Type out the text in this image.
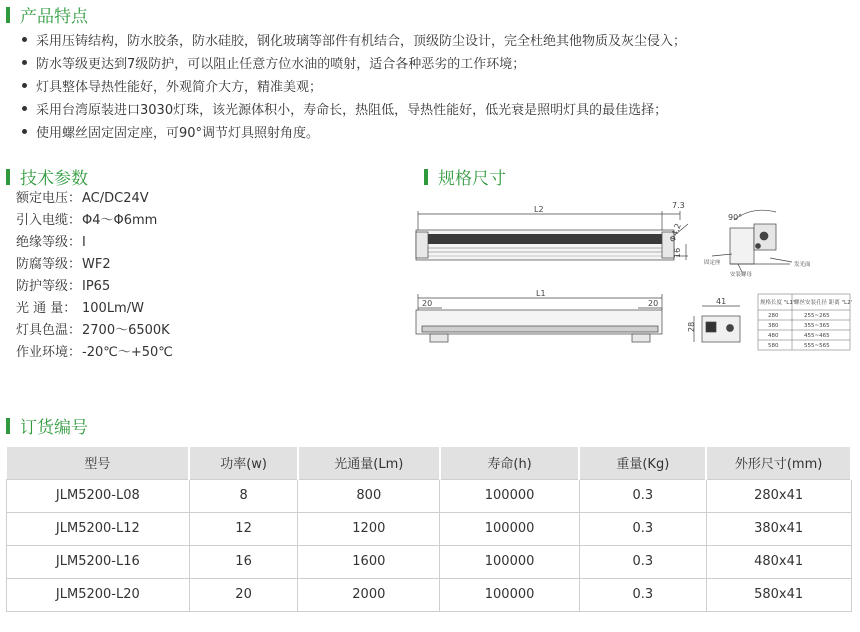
产品特点
采用压铸结构，防水胶条，防水硅胶，钢化玻璃等部件有机结合，顶级防尘设计，完全杜绝其他物质及灰尘侵入；
防水等级更达到7级防护，可以阻止任意方位水油的喷射，适合各种恶劣的工作环境；
灯具整体导热性能好，外观简介大方，精准美观；
采用台湾原装进口3030灯珠，该光源体积小，寿命长，热阻低，导热性能好，低光衰是照明灯具的最佳选择；
使用螺丝固定固定座，可90°调节灯具照射角度。
技术参数
额定电压： AC/DC24V
引入电缆： Φ4～Φ6mm
绝缘等级： I
防腐等级： WF2
防护等级： IP65
光 通 量： 100Lm/W
灯具色温： 2700～6500K
作业环境： -20℃～+50℃
规格尺寸
L2	7.3
Φ4.2
16
90°
固定座
安装螺母
发光面
L1
20	20	41
28
规格长度 "L1"
螺丝安装孔径 距离 "L2"
280	255~265
380	355~365
480	455~465
580	555~565
订货编号
型号	功率(w)	光通量(Lm)	寿命(h)	重量(Kg)	外形尺寸(mm)
JLM5200-L08	8	800	100000	0.3	280x41
JLM5200-L12	12	1200	100000	0.3	380x41
JLM5200-L16	16	1600	100000	0.3	480x41
JLM5200-L20	20	2000	100000	0.3	580x41
